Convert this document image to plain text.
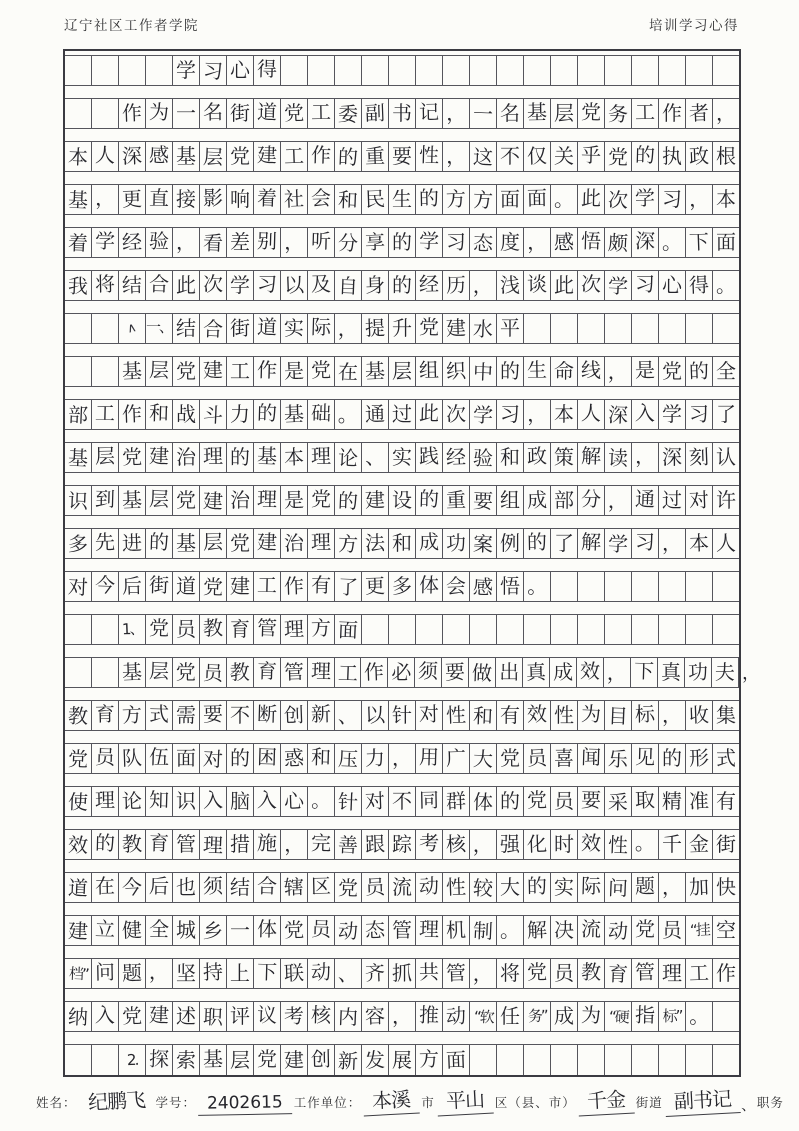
辽宁社区工作者学院	培训学习心得
学 习 心 得
作 为 一 名 街 道 党 工 委 副 书 记 ， 一 名 基 层 党 务 工 作 者 ，
本 人 深 感 基 层 党 建 工 作 的 重 要 性 ， 这 不 仅 关 乎 党 的 执 政 根
基 ， 更 直 接 影 响 着 社 会 和 民 生 的 方 方 面 面 。 此 次 学 习 ， 本
着 学 经 验 ， 看 差 别 ， 听 分 享 的 学 习 态 度 ， 感 悟 颇 深 。 下 面
我 将 结 合 此 次 学 习 以 及 自 身 的 经 历 ， 浅 谈 此 次 学 习 心 得 。
∧ 一、 结 合 街 道 实 际 ， 提 升 党 建 水 平
基 层 党 建 工 作 是 党 在 基 层 组 织 中 的 生 命 线 ， 是 党 的 全
部 工 作 和 战 斗 力 的 基 础 。 通 过 此 次 学 习 ， 本 人 深 入 学 习 了
基 层 党 建 治 理 的 基 本 理 论 、 实 践 经 验 和 政 策 解 读 ， 深 刻 认
识 到 基 层 党 建 治 理 是 党 的 建 设 的 重 要 组 成 部 分 ， 通 过 对 许
多 先 进 的 基 层 党 建 治 理 方 法 和 成 功 案 例 的 了 解 学 习 ， 本 人
对 今 后 街 道 党 建 工 作 有 了 更 多 体 会 感 悟 。
1、 党 员 教 育 管 理 方 面
基 层 党 员 教 育 管 理 工 作 必 须 要 做 出 真 成 效 ， 下 真 功 夫 ，
教 育 方 式 需 要 不 断 创 新 、 以 针 对 性 和 有 效 性 为 目 标 ， 收 集
党 员 队 伍 面 对 的 困 惑 和 压 力 ， 用 广 大 党 员 喜 闻 乐 见 的 形 式
使 理 论 知 识 入 脑 入 心 。 针 对 不 同 群 体 的 党 员 要 采 取 精 准 有
效 的 教 育 管 理 措 施 ， 完 善 跟 踪 考 核 ， 强 化 时 效 性 。 千 金 街
道 在 今 后 也 须 结 合 辖 区 党 员 流 动 性 较 大 的 实 际 问 题 ， 加 快
建 立 健 全 城 乡 一 体 党 员 动 态 管 理 机 制 。 解 决 流 动 党 员 “挂 空
档” 问 题 ， 坚 持 上 下 联 动 、 齐 抓 共 管 ， 将 党 员 教 育 管 理 工 作
纳 入 党 建 述 职 评 议 考 核 内 容 ， 推 动 “软 任 务” 成 为 “硬 指 标” 。
2. 探 索 基 层 党 建 创 新 发 展 方 面
姓名： 纪鹏飞 学号： 2402615 工作单位： 本溪 市 平山 区（县、市） 千金 街道 副书记 、 职务
